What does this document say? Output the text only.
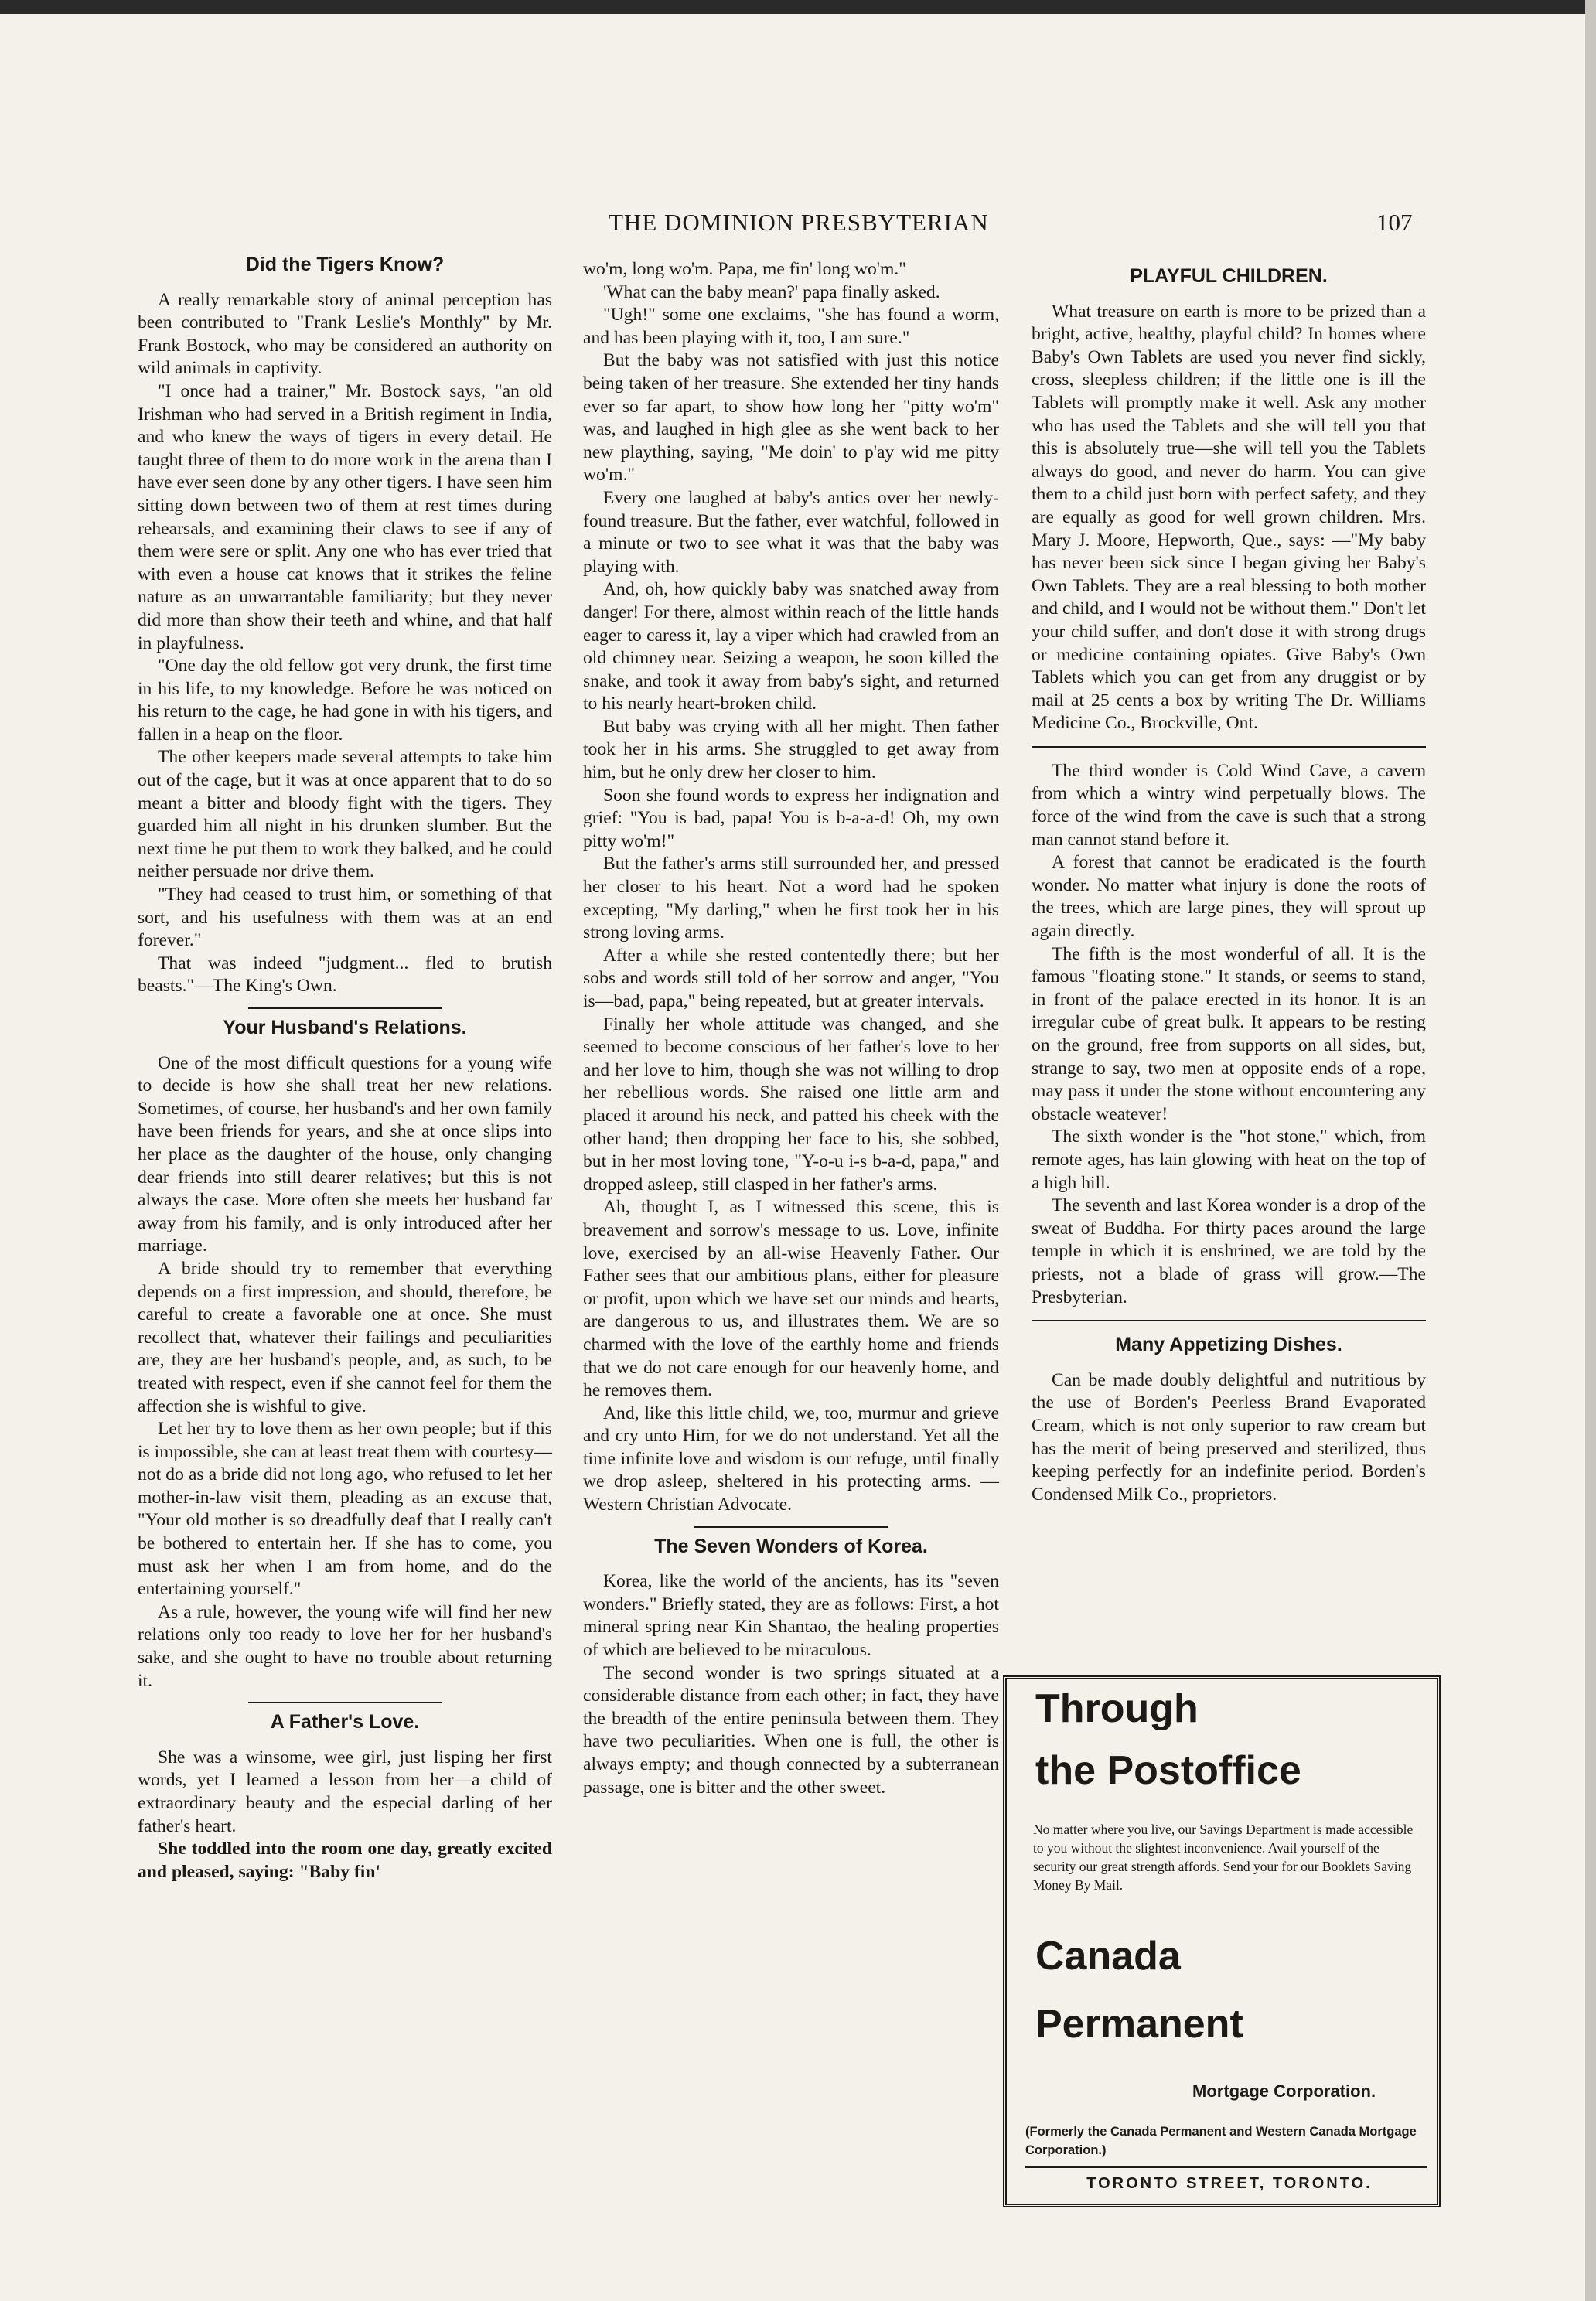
THE DOMINION PRESBYTERIAN	107
Did the Tigers Know?

A really remarkable story of animal perception has been contributed to "Frank Leslie's Monthly" by Mr. Frank Bostock, who may be considered an authority on wild animals in captivity.

"I once had a trainer," Mr. Bostock says, "an old Irishman who had served in a British regiment in India, and who knew the ways of tigers in every detail. He taught three of them to do more work in the arena than I have ever seen done by any other tigers. I have seen him sitting down between two of them at rest times during rehearsals, and examining their claws to see if any of them were sere or split. Any one who has ever tried that with even a house cat knows that it strikes the feline nature as an unwarrantable familiarity; but they never did more than show their teeth and whine, and that half in playfulness.

"One day the old fellow got very drunk, the first time in his life, to my knowledge. Before he was noticed on his return to the cage, he had gone in with his tigers, and fallen in a heap on the floor.

The other keepers made several attempts to take him out of the cage, but it was at once apparent that to do so meant a bitter and bloody fight with the tigers. They guarded him all night in his drunken slumber. But the next time he put them to work they balked, and he could neither persuade nor drive them.

"They had ceased to trust him, or something of that sort, and his usefulness with them was at an end forever."

That was indeed "judgment... fled to brutish beasts."—The King's Own.

Your Husband's Relations.

One of the most difficult questions for a young wife to decide is how she shall treat her new relations. Sometimes, of course, her husband's and her own family have been friends for years, and she at once slips into her place as the daughter of the house, only changing dear friends into still dearer relatives; but this is not always the case. More often she meets her husband far away from his family, and is only introduced after her marriage.

A bride should try to remember that everything depends on a first impression, and should, therefore, be careful to create a favorable one at once. She must recollect that, whatever their failings and peculiarities are, they are her husband's people, and, as such, to be treated with respect, even if she cannot feel for them the affection she is wishful to give.

Let her try to love them as her own people; but if this is impossible, she can at least treat them with courtesy—not do as a bride did not long ago, who refused to let her mother-in-law visit them, pleading as an excuse that, "Your old mother is so dreadfully deaf that I really can't be bothered to entertain her. If she has to come, you must ask her when I am from home, and do the entertaining yourself."

As a rule, however, the young wife will find her new relations only too ready to love her for her husband's sake, and she ought to have no trouble about returning it.

A Father's Love.

She was a winsome, wee girl, just lisping her first words, yet I learned a lesson from her—a child of extraordinary beauty and the especial darling of her father's heart.

She toddled into the room one day, greatly excited and pleased, saying: "Baby fin'

wo'm, long wo'm. Papa, me fin' long wo'm."

'What can the baby mean?' papa finally asked.

"Ugh!" some one exclaims, "she has found a worm, and has been playing with it, too, I am sure."

But the baby was not satisfied with just this notice being taken of her treasure. She extended her tiny hands ever so far apart, to show how long her "pitty wo'm" was, and laughed in high glee as she went back to her new plaything, saying, "Me doin' to p'ay wid me pitty wo'm."

Every one laughed at baby's antics over her newly-found treasure. But the father, ever watchful, followed in a minute or two to see what it was that the baby was playing with.

And, oh, how quickly baby was snatched away from danger! For there, almost within reach of the little hands eager to caress it, lay a viper which had crawled from an old chimney near. Seizing a weapon, he soon killed the snake, and took it away from baby's sight, and returned to his nearly heart-broken child.

But baby was crying with all her might. Then father took her in his arms. She struggled to get away from him, but he only drew her closer to him.

Soon she found words to express her indignation and grief: "You is bad, papa! You is b-a-a-d! Oh, my own pitty wo'm!"

But the father's arms still surrounded her, and pressed her closer to his heart. Not a word had he spoken excepting, "My darling," when he first took her in his strong loving arms.

After a while she rested contentedly there; but her sobs and words still told of her sorrow and anger, "You is—bad, papa," being repeated, but at greater intervals.

Finally her whole attitude was changed, and she seemed to become conscious of her father's love to her and her love to him, though she was not willing to drop her rebellious words. She raised one little arm and placed it around his neck, and patted his cheek with the other hand; then dropping her face to his, she sobbed, but in her most loving tone, "Y-o-u i-s b-a-d, papa," and dropped asleep, still clasped in her father's arms.

Ah, thought I, as I witnessed this scene, this is breavement and sorrow's message to us. Love, infinite love, exercised by an all-wise Heavenly Father. Our Father sees that our ambitious plans, either for pleasure or profit, upon which we have set our minds and hearts, are dangerous to us, and illustrates them. We are so charmed with the love of the earthly home and friends that we do not care enough for our heavenly home, and he removes them.

And, like this little child, we, too, murmur and grieve and cry unto Him, for we do not understand. Yet all the time infinite love and wisdom is our refuge, until finally we drop asleep, sheltered in his protecting arms. —Western Christian Advocate.

The Seven Wonders of Korea.

Korea, like the world of the ancients, has its "seven wonders." Briefly stated, they are as follows: First, a hot mineral spring near Kin Shantao, the healing properties of which are believed to be miraculous.

The second wonder is two springs situated at a considerable distance from each other; in fact, they have the breadth of the entire peninsula between them. They have two peculiarities. When one is full, the other is always empty; and though connected by a subterranean passage, one is bitter and the other sweet.

PLAYFUL CHILDREN.

What treasure on earth is more to be prized than a bright, active, healthy, playful child? In homes where Baby's Own Tablets are used you never find sickly, cross, sleepless children; if the little one is ill the Tablets will promptly make it well. Ask any mother who has used the Tablets and she will tell you that this is absolutely true—she will tell you the Tablets always do good, and never do harm. You can give them to a child just born with perfect safety, and they are equally as good for well grown children. Mrs. Mary J. Moore, Hepworth, Que., says: —"My baby has never been sick since I began giving her Baby's Own Tablets. They are a real blessing to both mother and child, and I would not be without them." Don't let your child suffer, and don't dose it with strong drugs or medicine containing opiates. Give Baby's Own Tablets which you can get from any druggist or by mail at 25 cents a box by writing The Dr. Williams Medicine Co., Brockville, Ont.

The third wonder is Cold Wind Cave, a cavern from which a wintry wind perpetually blows. The force of the wind from the cave is such that a strong man cannot stand before it.

A forest that cannot be eradicated is the fourth wonder. No matter what injury is done the roots of the trees, which are large pines, they will sprout up again directly.

The fifth is the most wonderful of all. It is the famous "floating stone." It stands, or seems to stand, in front of the palace erected in its honor. It is an irregular cube of great bulk. It appears to be resting on the ground, free from supports on all sides, but, strange to say, two men at opposite ends of a rope, may pass it under the stone without encountering any obstacle weatever!

The sixth wonder is the "hot stone," which, from remote ages, has lain glowing with heat on the top of a high hill.

The seventh and last Korea wonder is a drop of the sweat of Buddha. For thirty paces around the large temple in which it is enshrined, we are told by the priests, not a blade of grass will grow.—The Presbyterian.

Many Appetizing Dishes.

Can be made doubly delightful and nutritious by the use of Borden's Peerless Brand Evaporated Cream, which is not only superior to raw cream but has the merit of being preserved and sterilized, thus keeping perfectly for an indefinite period. Borden's Condensed Milk Co., proprietors.

Through
the Postoffice
No matter where you live, our Savings Department is made accessible to you without the slightest inconvenience. Avail yourself of the security our great strength affords. Send your for our Booklets Saving Money By Mail.
Canada
Permanent
Mortgage Corporation.
(Formerly the Canada Permanent and Western Canada Mortgage Corporation.)
TORONTO STREET, TORONTO.
